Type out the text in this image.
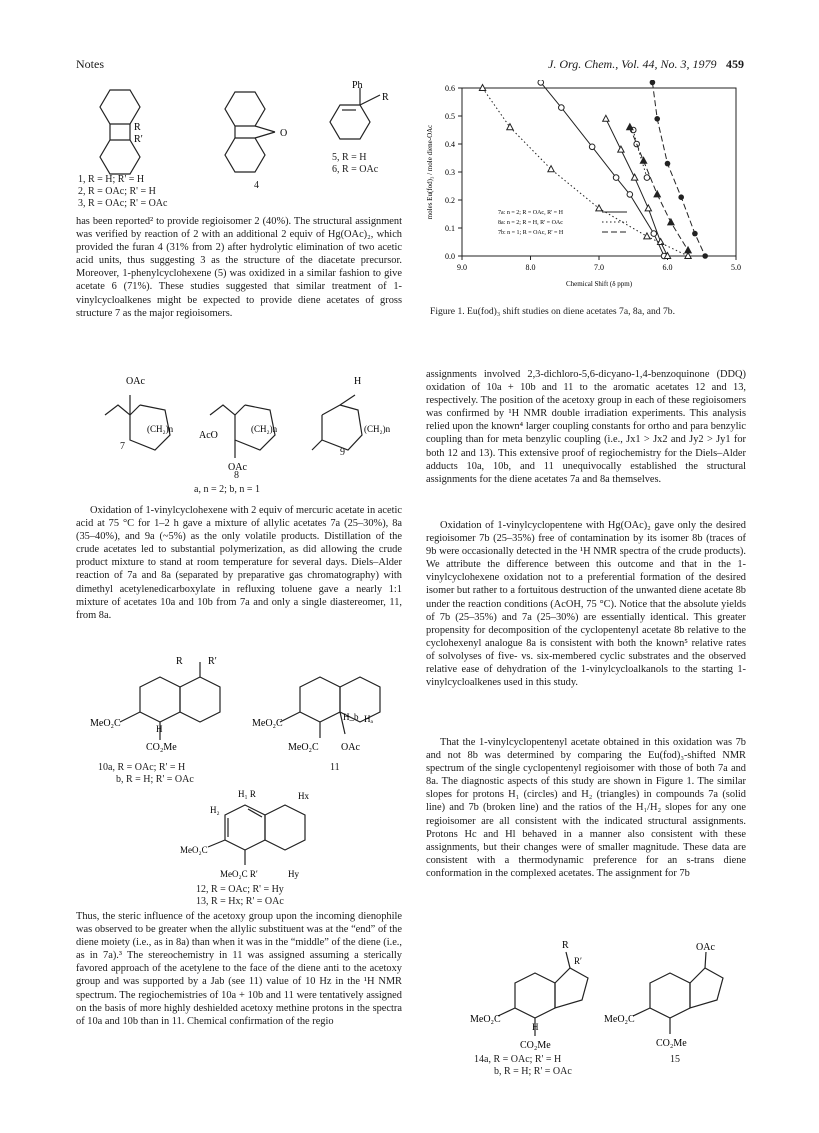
Notes	J. Org. Chem., Vol. 44, No. 3, 1979 459
R
R′
O
Ph
R
1, R = H; R' = H
2, R = OAc; R' = H
3, R = OAc; R' = OAc
4
5, R = H
6, R = OAc

has been reported² to provide regioisomer 2 (40%). The structural assignment was verified by reaction of 2 with an additional 2 equiv of Hg(OAc)₂, which provided the furan 4 (31% from 2) after hydrolytic elimination of two acetic acid units, thus suggesting 3 as the structure of the diacetate precursor. Moreover, 1-phenylcyclohexene (5) was oxidized in a similar fashion to give acetate 6 (71%). These studies suggested that similar treatment of 1-vinylcycloalkenes might be expected to provide diene acetates of gross structure 7 as the major regioisomers.

OAc
(CH₂)n	(CH₂)n
OAc
AcO
H
(CH₂)n
7
8
9
a, n = 2; b, n = 1

Oxidation of 1-vinylcyclohexene with 2 equiv of mercuric acetate in acetic acid at 75 °C for 1–2 h gave a mixture of allylic acetates 7a (25–30%), 8a (35–40%), and 9a (~5%) as the only volatile products. Distillation of the crude acetates led to substantial polymerization, as did allowing the crude product mixture to stand at room temperature for several days. Diels–Alder reaction of 7a and 8a (separated by preparative gas chromatography) with dimethyl acetylenedicarboxylate in refluxing toluene gave a nearly 1:1 mixture of acetates 10a and 10b from 7a and only a single diastereomer, 11, from 8a.

R	R′
MeO₂C	H
CO₂Me
MeO₂C	Hₐ
H_b
MeO₂C OAc
10a, R = OAc; R' = H
b, R = H; R' = OAc
11
H₁ R	Hx
H₂
MeO₂C
MeO₂C R′	Hy
12, R = OAc; R' = Hy
13, R = Hx; R' = OAc

Thus, the steric influence of the acetoxy group upon the incoming dienophile was observed to be greater when the allylic substituent was at the “end” of the diene moiety (i.e., as in 8a) than when it was in the “middle” of the diene (i.e., as in 7a).³ The stereochemistry in 11 was assigned assuming a sterically favored approach of the acetylene to the face of the diene anti to the acetoxy group and was supported by a Jab (see 11) value of 10 Hz in the ¹H NMR spectrum. The regiochemistries of 10a + 10b and 11 were tentatively assigned on the basis of more highly deshielded acetoxy methine protons in the spectra of 10a and 10b than in 11. Chemical confirmation of the regio

0.0
0.1
0.2
0.3
0.4
0.5
0.6
9.0	8.0	7.0	6.0	5.0
Chemical Shift (δ ppm)
moles Eu(fod)₃ / mole diene-OAc	7a: n = 2; R = OAc, R' = H
8a: n = 2; R = H, R' = OAc
7b: n = 1; R = OAc, R' = H
Figure 1. Eu(fod)₃ shift studies on diene acetates 7a, 8a, and 7b.

assignments involved 2,3-dichloro-5,6-dicyano-1,4-benzoquinone (DDQ) oxidation of 10a + 10b and 11 to the aromatic acetates 12 and 13, respectively. The position of the acetoxy group in each of these regioisomers was confirmed by ¹H NMR double irradiation experiments. This analysis relied upon the known⁴ larger coupling constants for ortho and para benzylic coupling than for meta benzylic coupling (i.e., Jx1 > Jx2 and Jy2 > Jy1 for both 12 and 13). This extensive proof of regiochemistry for the Diels–Alder adducts 10a, 10b, and 11 unequivocally established the structural assignments for the diene acetates 7a and 8a themselves.

Oxidation of 1-vinylcyclopentene with Hg(OAc)₂ gave only the desired regioisomer 7b (25–35%) free of contamination by its isomer 8b (traces of 9b were occasionally detected in the ¹H NMR spectra of the crude products). We attribute the difference between this outcome and that in the 1-vinylcyclohexene oxidation not to a preferential formation of the desired isomer but rather to a fortuitous destruction of the unwanted diene acetate 8b under the reaction conditions (AcOH, 75 °C). Notice that the absolute yields of 7b (25–35%) and 7a (25–30%) are essentially identical. This greater propensity for decomposition of the cyclopentenyl acetate 8b relative to the cyclohexenyl analogue 8a is consistent with both the known⁵ relative rates of solvolyses of five- vs. six-membered cyclic substrates and the observed relative ease of dehydration of the 1-vinylcycloalkanols to the starting 1-vinylcycloalkenes used in this study.

That the 1-vinylcyclopentenyl acetate obtained in this oxidation was 7b and not 8b was determined by comparing the Eu(fod)₃-shifted NMR spectrum of the single cyclopentenyl regioisomer with those of both 7a and 8a. The diagnostic aspects of this study are shown in Figure 1. The similar slopes for protons H₁ (circles) and H₂ (triangles) in compounds 7a (solid line) and 7b (broken line) and the ratios of the H₁/H₂ slopes for any one regioisomer are all consistent with the indicated structural assignments. Protons Hc and Hl behaved in a manner also consistent with these assignments, but their changes were of smaller magnitude. These data are consistent with a thermodynamic preference for an s-trans diene conformation in the complexed acetates. The assignment for 7b

R
R′
MeO₂C
H
CO₂Me
OAc
MeO₂C
CO₂Me
14a, R = OAc; R' = H
b, R = H; R' = OAc
15
